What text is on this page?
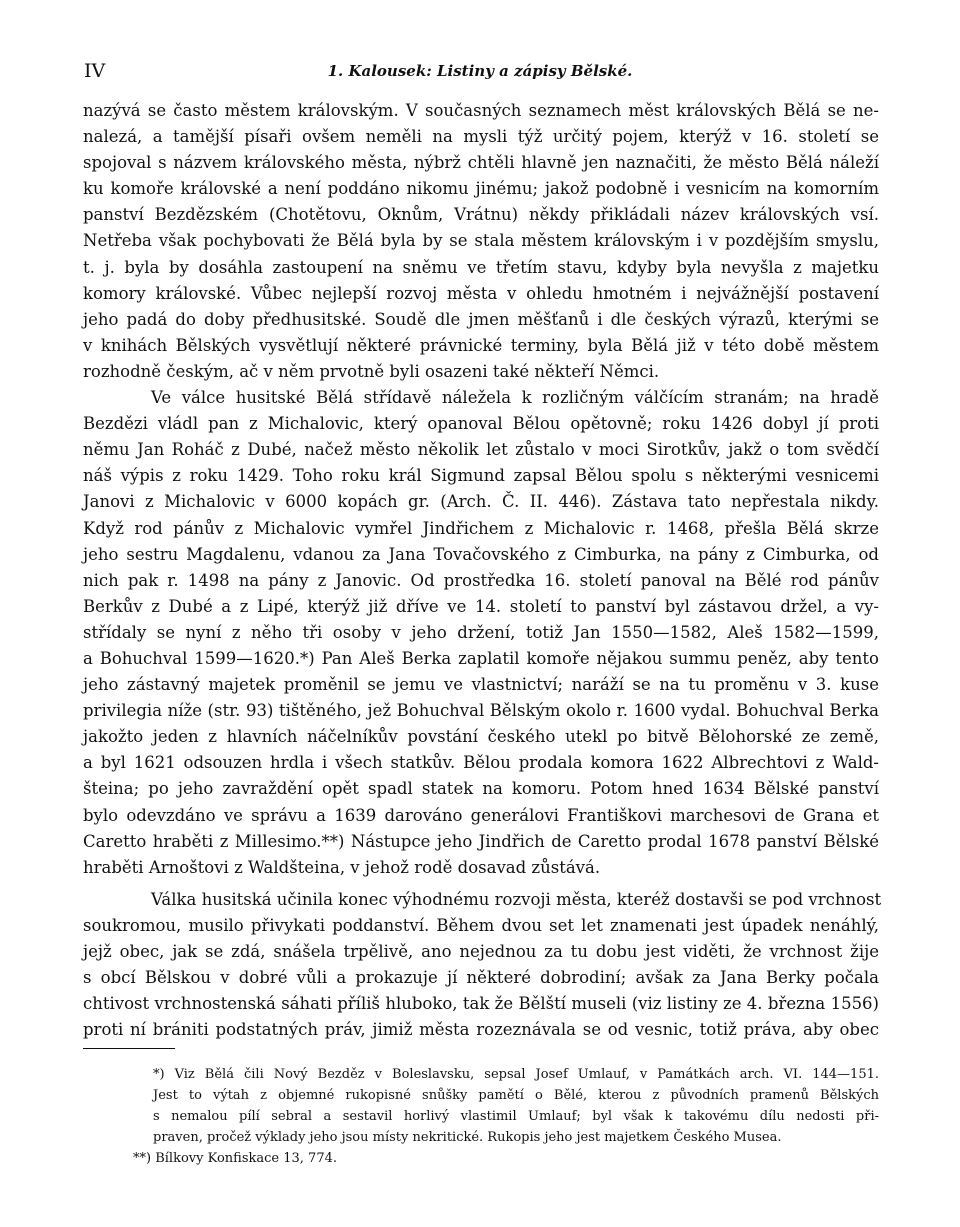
IV	1. Kalousek: Listiny a zápisy Bělské.
nazývá se často městem královským. V současných seznamech měst královských Bělá se ne-
nalezá, a tamější písaři ovšem neměli na mysli týž určitý pojem, kterýž v 16. století se
spojoval s názvem královského města, nýbrž chtěli hlavně jen naznačiti, že město Bělá náleží
ku komoře královské a není poddáno nikomu jinému; jakož podobně i vesnicím na komorním
panství Bezdězském (Chotětovu, Oknům, Vrátnu) někdy přikládali název královských vsí.
Netřeba však pochybovati že Bělá byla by se stala městem královským i v pozdějším smyslu,
t. j. byla by dosáhla zastoupení na sněmu ve třetím stavu, kdyby byla nevyšla z majetku
komory královské. Vůbec nejlepší rozvoj města v ohledu hmotném i nejvážnější postavení
jeho padá do doby předhusitské. Soudě dle jmen měšťanů i dle českých výrazů, kterými se
v knihách Bělských vysvětlují některé právnické terminy, byla Bělá již v této době městem
rozhodně českým, ač v něm prvotně byli osazeni také někteří Němci.
Ve válce husitské Bělá střídavě náležela k rozličným válčícím stranám; na hradě
Bezdězi vládl pan z Michalovic, který opanoval Bělou opětovně; roku 1426 dobyl jí proti
němu Jan Roháč z Dubé, načež město několik let zůstalo v moci Sirotkův, jakž o tom svědčí
náš výpis z roku 1429. Toho roku král Sigmund zapsal Bělou spolu s některými vesnicemi
Janovi z Michalovic v 6000 kopách gr. (Arch. Č. II. 446). Zástava tato nepřestala nikdy.
Když rod pánův z Michalovic vymřel Jindřichem z Michalovic r. 1468, přešla Bělá skrze
jeho sestru Magdalenu, vdanou za Jana Tovačovského z Cimburka, na pány z Cimburka, od
nich pak r. 1498 na pány z Janovic. Od prostředka 16. století panoval na Bělé rod pánův
Berkův z Dubé a z Lipé, kterýž již dříve ve 14. století to panství byl zástavou držel, a vy-
střídaly se nyní z něho tři osoby v jeho držení, totiž Jan 1550—1582, Aleš 1582—1599,
a Bohuchval 1599—1620.*) Pan Aleš Berka zaplatil komoře nějakou summu peněz, aby tento
jeho zástavný majetek proměnil se jemu ve vlastnictví; naráží se na tu proměnu v 3. kuse
privilegia níže (str. 93) tištěného, jež Bohuchval Bělským okolo r. 1600 vydal. Bohuchval Berka
jakožto jeden z hlavních náčelníkův povstání českého utekl po bitvě Bělohorské ze země,
a byl 1621 odsouzen hrdla i všech statkův. Bělou prodala komora 1622 Albrechtovi z Wald-
šteina; po jeho zavraždění opět spadl statek na komoru. Potom hned 1634 Bělské panství
bylo odevzdáno ve správu a 1639 darováno generálovi Františkovi marchesovi de Grana et
Caretto hraběti z Millesimo.**) Nástupce jeho Jindřich de Caretto prodal 1678 panství Bělské
hraběti Arnoštovi z Waldšteina, v jehož rodě dosavad zůstává.
Válka husitská učinila konec výhodnému rozvoji města, kteréž dostavši se pod vrchnost
soukromou, musilo přivykati poddanství. Během dvou set let znamenati jest úpadek nenáhlý,
jejž obec, jak se zdá, snášela trpělivě, ano nejednou za tu dobu jest viděti, že vrchnost žije
s obcí Bělskou v dobré vůli a prokazuje jí některé dobrodiní; avšak za Jana Berky počala
chtivost vrchnostenská sáhati příliš hluboko, tak že Bělští museli (viz listiny ze 4. března 1556)
proti ní brániti podstatných práv, jimiž města rozeznávala se od vesnic, totiž práva, aby obec
*) Viz Bělá čili Nový Bezděz v Boleslavsku, sepsal Josef Umlauf, v Památkách arch. VI. 144—151.
Jest to výtah z objemné rukopisné snůšky pamětí o Bělé, kterou z původních pramenů Bělských
s nemalou pílí sebral a sestavil horlivý vlastimil Umlauf; byl však k takovému dílu nedosti při-
praven, pročež výklady jeho jsou místy nekritické. Rukopis jeho jest majetkem Českého Musea.
**) Bílkovy Konfiskace 13, 774.
